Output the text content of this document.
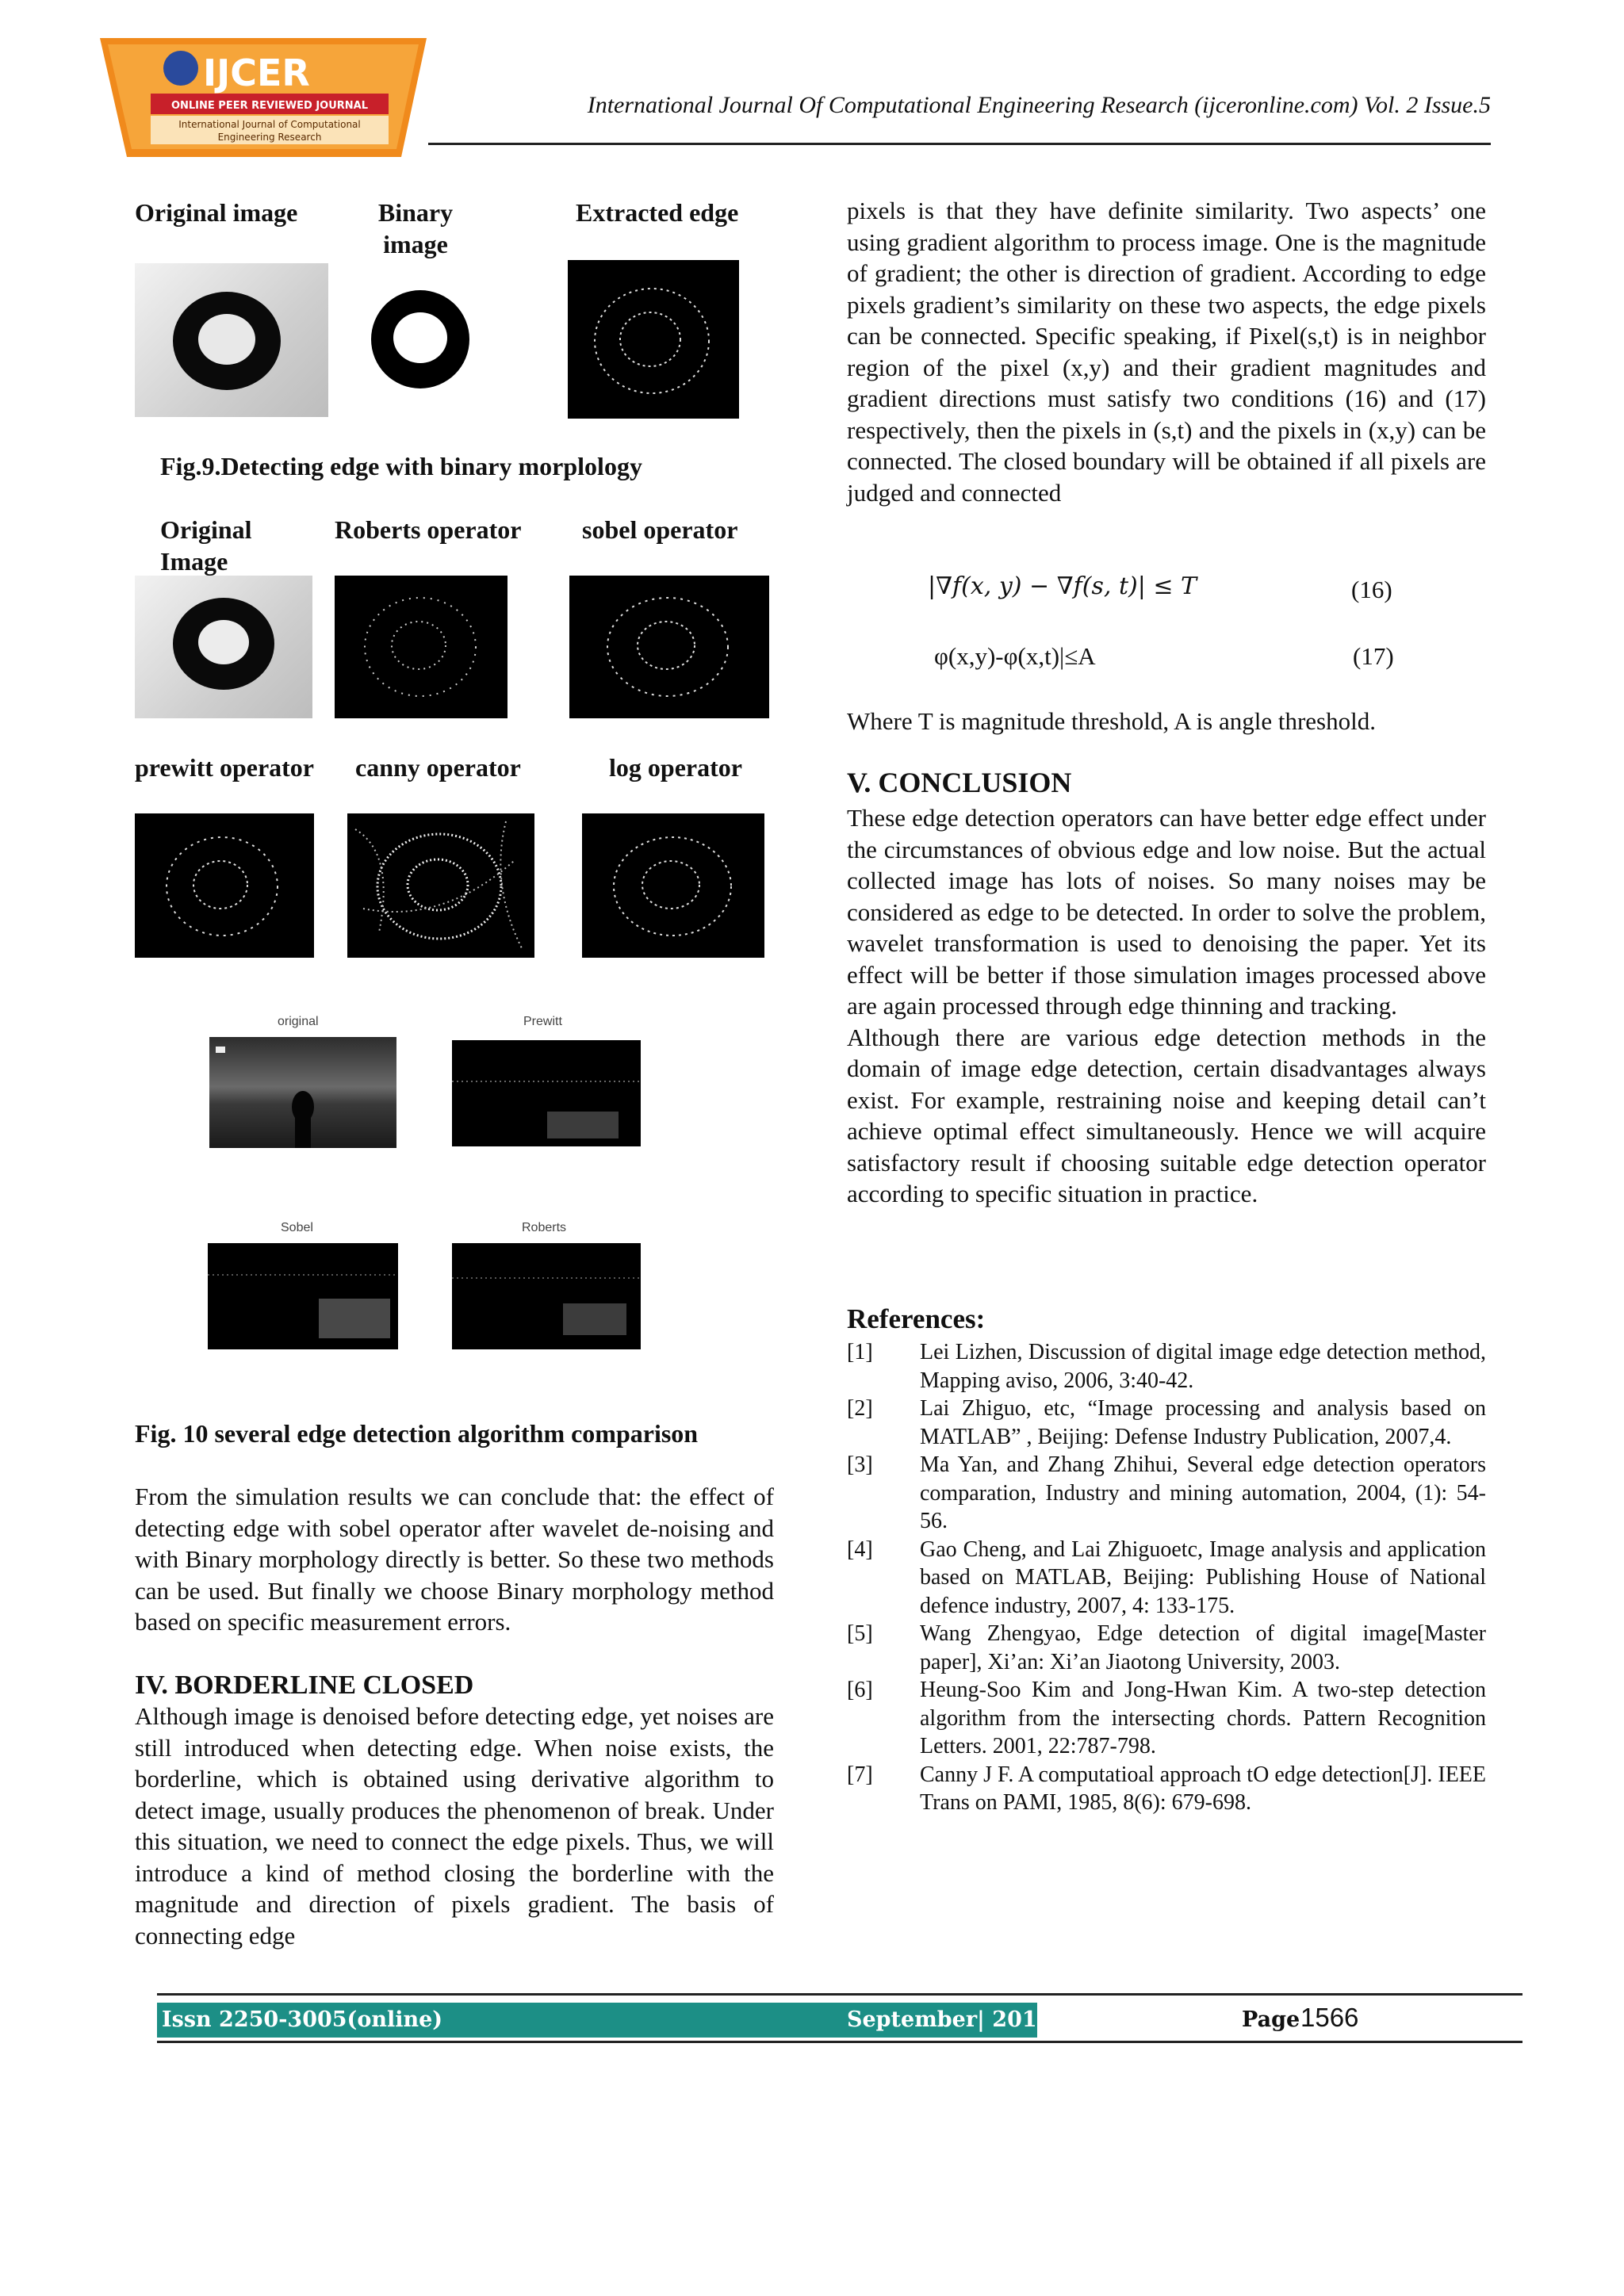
IJCER
ONLINE PEER REVIEWED JOURNAL
International Journal of Computational
Engineering Research
International Journal Of Computational Engineering Research (ijceronline.com) Vol. 2 Issue.5
Original image	Binary image
Extracted edge
Fig.9.Detecting edge with binary morplology
Original Image
Roberts operator sobel operator
prewitt operator canny operator	log operator
original	Prewitt
Sobel	Roberts
Fig. 10 several edge detection algorithm comparison

From the simulation results we can conclude that: the effect of detecting edge with sobel operator after wavelet de-noising and with Binary morphology directly is better. So these two methods can be used. But finally we choose Binary morphology method based on specific measurement errors.

IV. BORDERLINE CLOSED

Although image is denoised before detecting edge, yet noises are still introduced when detecting edge. When noise exists, the borderline, which is obtained using derivative algorithm to detect image, usually produces the phenomenon of break. Under this situation, we need to connect the edge pixels. Thus, we will introduce a kind of method closing the borderline with the magnitude and direction of pixels gradient. The basis of connecting edge

pixels is that they have definite similarity. Two aspects’ one using gradient algorithm to process image. One is the magnitude of gradient; the other is direction of gradient. According to edge pixels gradient’s similarity on these two aspects, the edge pixels can be connected. Specific speaking, if Pixel(s,t) is in neighbor region of the pixel (x,y) and their gradient magnitudes and gradient directions must satisfy two conditions (16) and (17) respectively, then the pixels in (s,t) and the pixels in (x,y) can be connected. The closed boundary will be obtained if all pixels are judged and connected
|∇f(x, y) − ∇f(s, t)| ≤ T	(16)
φ(x,y)-φ(x,t)|≤A	(17)
Where T is magnitude threshold, A is angle threshold.
V. CONCLUSION

These edge detection operators can have better edge effect under the circumstances of obvious edge and low noise. But the actual collected image has lots of noises. So many noises may be considered as edge to be detected. In order to solve the problem, wavelet transformation is used to denoising the paper. Yet its effect will be better if those simulation images processed above are again processed through edge thinning and tracking.

Although there are various edge detection methods in the domain of image edge detection, certain disadvantages always exist. For example, restraining noise and keeping detail can’t achieve optimal effect simultaneously. Hence we will acquire satisfactory result if choosing suitable edge detection operator according to specific situation in practice.

References:
[1] Lei Lizhen, Discussion of digital image edge detection method, Mapping aviso, 2006, 3:40-42.
[2] Lai Zhiguo, etc, “Image processing and analysis based on MATLAB” , Beijing: Defense Industry Publication, 2007,4.
[3] Ma Yan, and Zhang Zhihui, Several edge detection operators comparation, Industry and mining automation, 2004, (1): 54-56.
[4] Gao Cheng, and Lai Zhiguoetc, Image analysis and application based on MATLAB, Beijing: Publishing House of National defence industry, 2007, 4: 133-175.
[5] Wang Zhengyao, Edge detection of digital image[Master paper], Xi’an: Xi’an Jiaotong University, 2003.
[6] Heung-Soo Kim and Jong-Hwan Kim. A two-step detection algorithm from the intersecting chords. Pattern Recognition Letters. 2001, 22:787-798.
[7] Canny J F. A computatioal approach tO edge detection[J]. IEEE Trans on PAMI, 1985, 8(6): 679-698.
Issn 2250-3005(online)	September| 2012	Page 1566
